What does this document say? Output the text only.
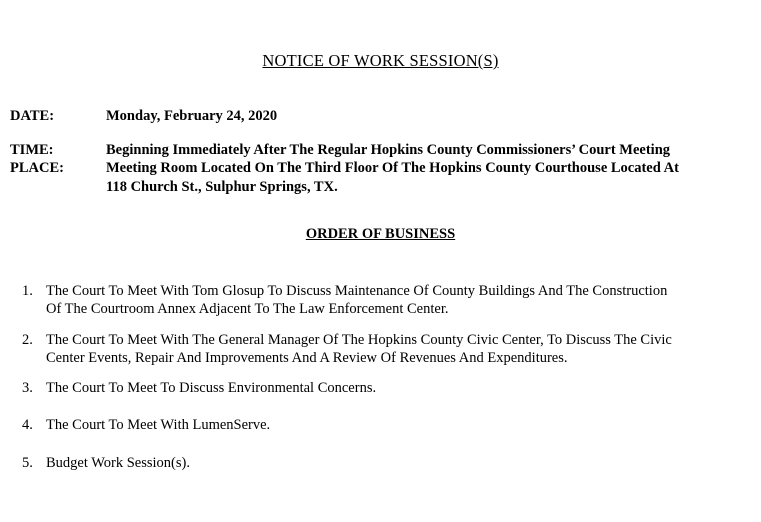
NOTICE OF WORK SESSION(S)
DATE:	Monday, February 24, 2020
TIME:	Beginning Immediately After The Regular Hopkins County Commissioners’ Court Meeting
PLACE:	Meeting Room Located On The Third Floor Of The Hopkins County Courthouse Located At
118 Church St., Sulphur Springs, TX.
ORDER OF BUSINESS
1. The Court To Meet With Tom Glosup To Discuss Maintenance Of County Buildings And The Construction
Of The Courtroom Annex Adjacent To The Law Enforcement Center.
2. The Court To Meet With The General Manager Of The Hopkins County Civic Center, To Discuss The Civic
Center Events, Repair And Improvements And A Review Of Revenues And Expenditures.
3. The Court To Meet To Discuss Environmental Concerns.
4. The Court To Meet With LumenServe.
5. Budget Work Session(s).
